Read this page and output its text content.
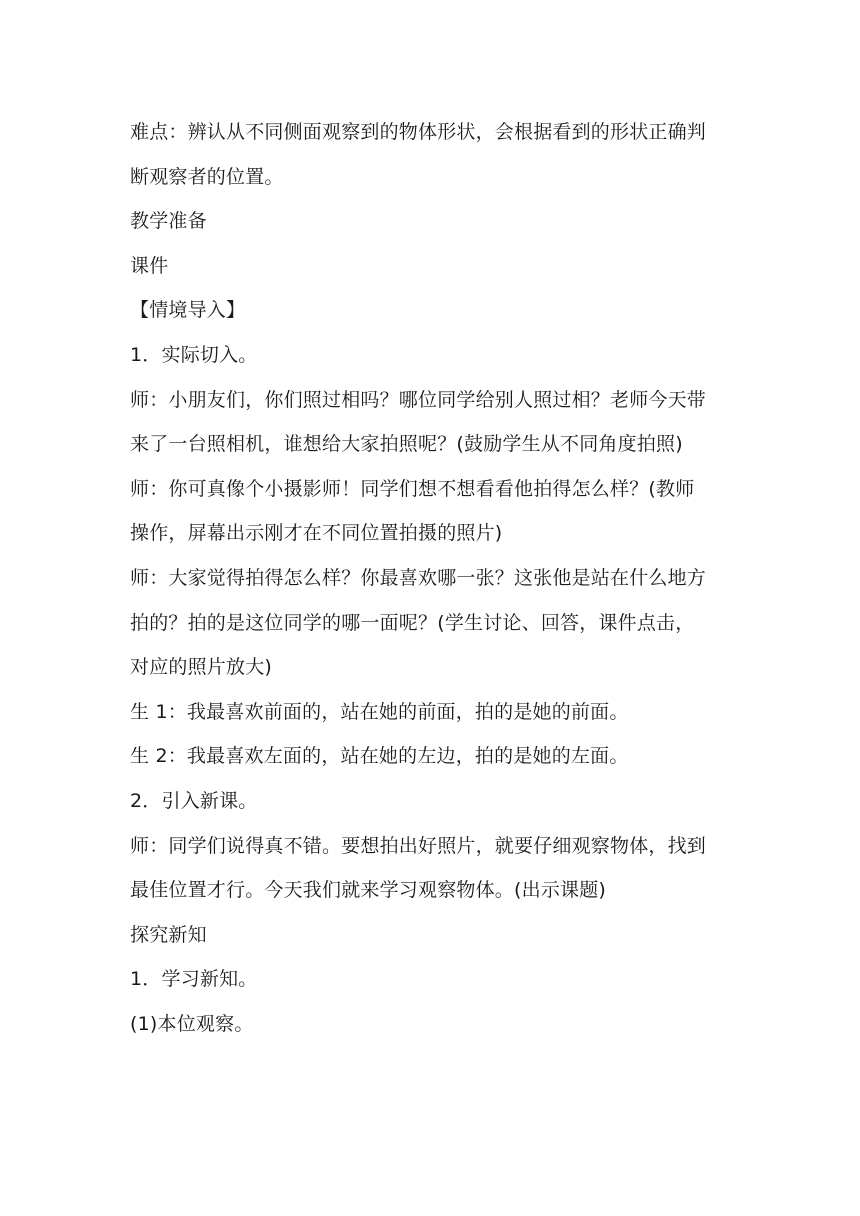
难点：辨认从不同侧面观察到的物体形状，会根据看到的形状正确判
断观察者的位置。
教学准备
课件
【情境导入】
1．实际切入。
师：小朋友们，你们照过相吗？哪位同学给别人照过相？老师今天带
来了一台照相机，谁想给大家拍照呢？(鼓励学生从不同角度拍照)
师：你可真像个小摄影师！同学们想不想看看他拍得怎么样？(教师
操作，屏幕出示刚才在不同位置拍摄的照片)
师：大家觉得拍得怎么样？你最喜欢哪一张？这张他是站在什么地方
拍的？拍的是这位同学的哪一面呢？(学生讨论、回答，课件点击，
对应的照片放大)
生 1：我最喜欢前面的，站在她的前面，拍的是她的前面。
生 2：我最喜欢左面的，站在她的左边，拍的是她的左面。
2．引入新课。
师：同学们说得真不错。要想拍出好照片，就要仔细观察物体，找到
最佳位置才行。今天我们就来学习观察物体。(出示课题)
探究新知
1．学习新知。
(1)本位观察。
